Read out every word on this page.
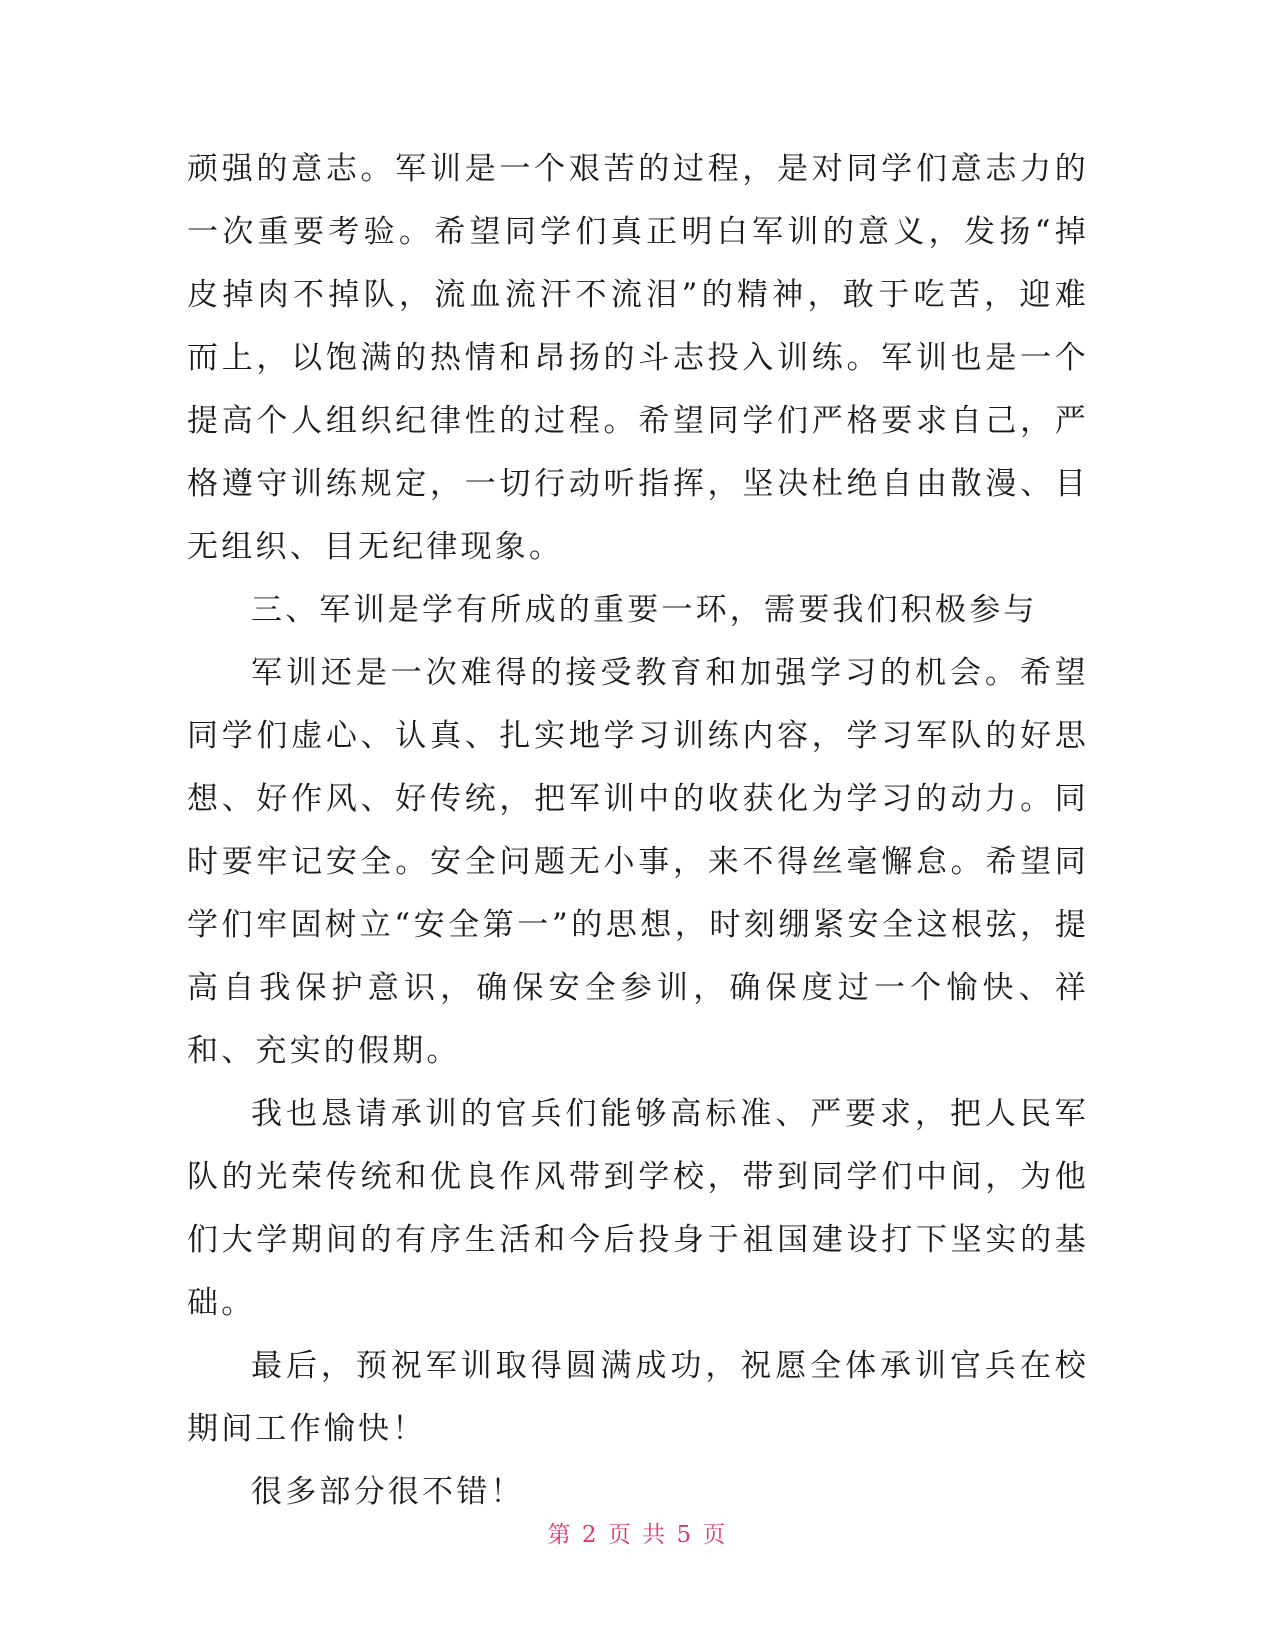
顽强的意志。军训是一个艰苦的过程，是对同学们意志力的一次重要考验。希望同学们真正明白军训的意义，发扬“掉皮掉肉不掉队，流血流汗不流泪”的精神，敢于吃苦，迎难而上，以饱满的热情和昂扬的斗志投入训练。军训也是一个提高个人组织纪律性的过程。希望同学们严格要求自己，严格遵守训练规定，一切行动听指挥，坚决杜绝自由散漫、目无组织、目无纪律现象。

三、军训是学有所成的重要一环，需要我们积极参与

军训还是一次难得的接受教育和加强学习的机会。希望同学们虚心、认真、扎实地学习训练内容，学习军队的好思想、好作风、好传统，把军训中的收获化为学习的动力。同时要牢记安全。安全问题无小事，来不得丝毫懈怠。希望同学们牢固树立“安全第一”的思想，时刻绷紧安全这根弦，提高自我保护意识，确保安全参训，确保度过一个愉快、祥和、充实的假期。

我也恳请承训的官兵们能够高标准、严要求，把人民军队的光荣传统和优良作风带到学校，带到同学们中间，为他们大学期间的有序生活和今后投身于祖国建设打下坚实的基础。

最后，预祝军训取得圆满成功，祝愿全体承训官兵在校期间工作愉快！

很多部分很不错！

第 2 页 共 5 页
